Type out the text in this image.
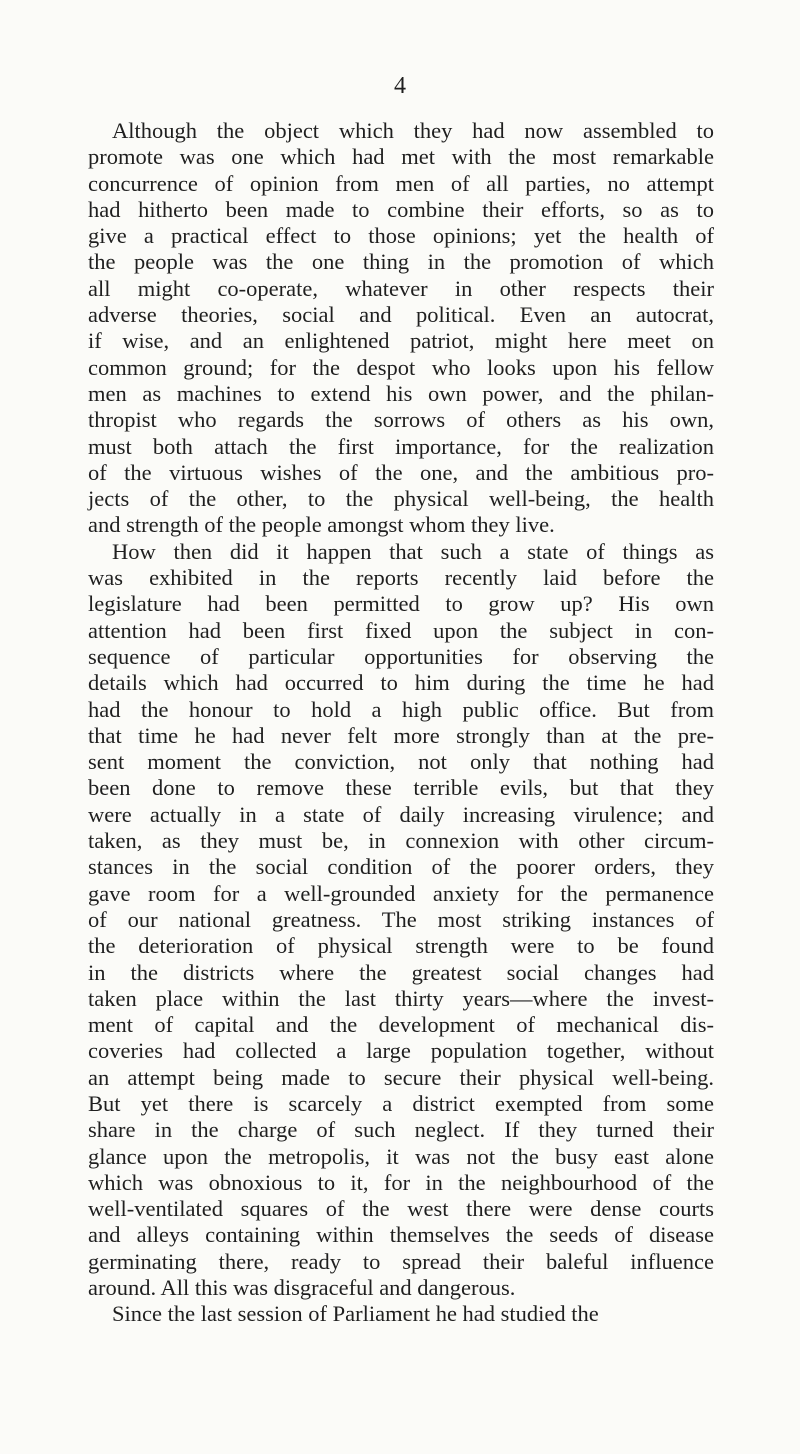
4
Although the object which they had now assembled to
promote was one which had met with the most remarkable
concurrence of opinion from men of all parties, no attempt
had hitherto been made to combine their efforts, so as to
give a practical effect to those opinions; yet the health of
the people was the one thing in the promotion of which
all might co-operate, whatever in other respects their
adverse theories, social and political. Even an autocrat,
if wise, and an enlightened patriot, might here meet on
common ground; for the despot who looks upon his fellow
men as machines to extend his own power, and the philan-
thropist who regards the sorrows of others as his own,
must both attach the first importance, for the realization
of the virtuous wishes of the one, and the ambitious pro-
jects of the other, to the physical well-being, the health
and strength of the people amongst whom they live.
How then did it happen that such a state of things as
was exhibited in the reports recently laid before the
legislature had been permitted to grow up? His own
attention had been first fixed upon the subject in con-
sequence of particular opportunities for observing the
details which had occurred to him during the time he had
had the honour to hold a high public office. But from
that time he had never felt more strongly than at the pre-
sent moment the conviction, not only that nothing had
been done to remove these terrible evils, but that they
were actually in a state of daily increasing virulence; and
taken, as they must be, in connexion with other circum-
stances in the social condition of the poorer orders, they
gave room for a well-grounded anxiety for the permanence
of our national greatness. The most striking instances of
the deterioration of physical strength were to be found
in the districts where the greatest social changes had
taken place within the last thirty years—where the invest-
ment of capital and the development of mechanical dis-
coveries had collected a large population together, without
an attempt being made to secure their physical well-being.
But yet there is scarcely a district exempted from some
share in the charge of such neglect. If they turned their
glance upon the metropolis, it was not the busy east alone
which was obnoxious to it, for in the neighbourhood of the
well-ventilated squares of the west there were dense courts
and alleys containing within themselves the seeds of disease
germinating there, ready to spread their baleful influence
around. All this was disgraceful and dangerous.
Since the last session of Parliament he had studied the
